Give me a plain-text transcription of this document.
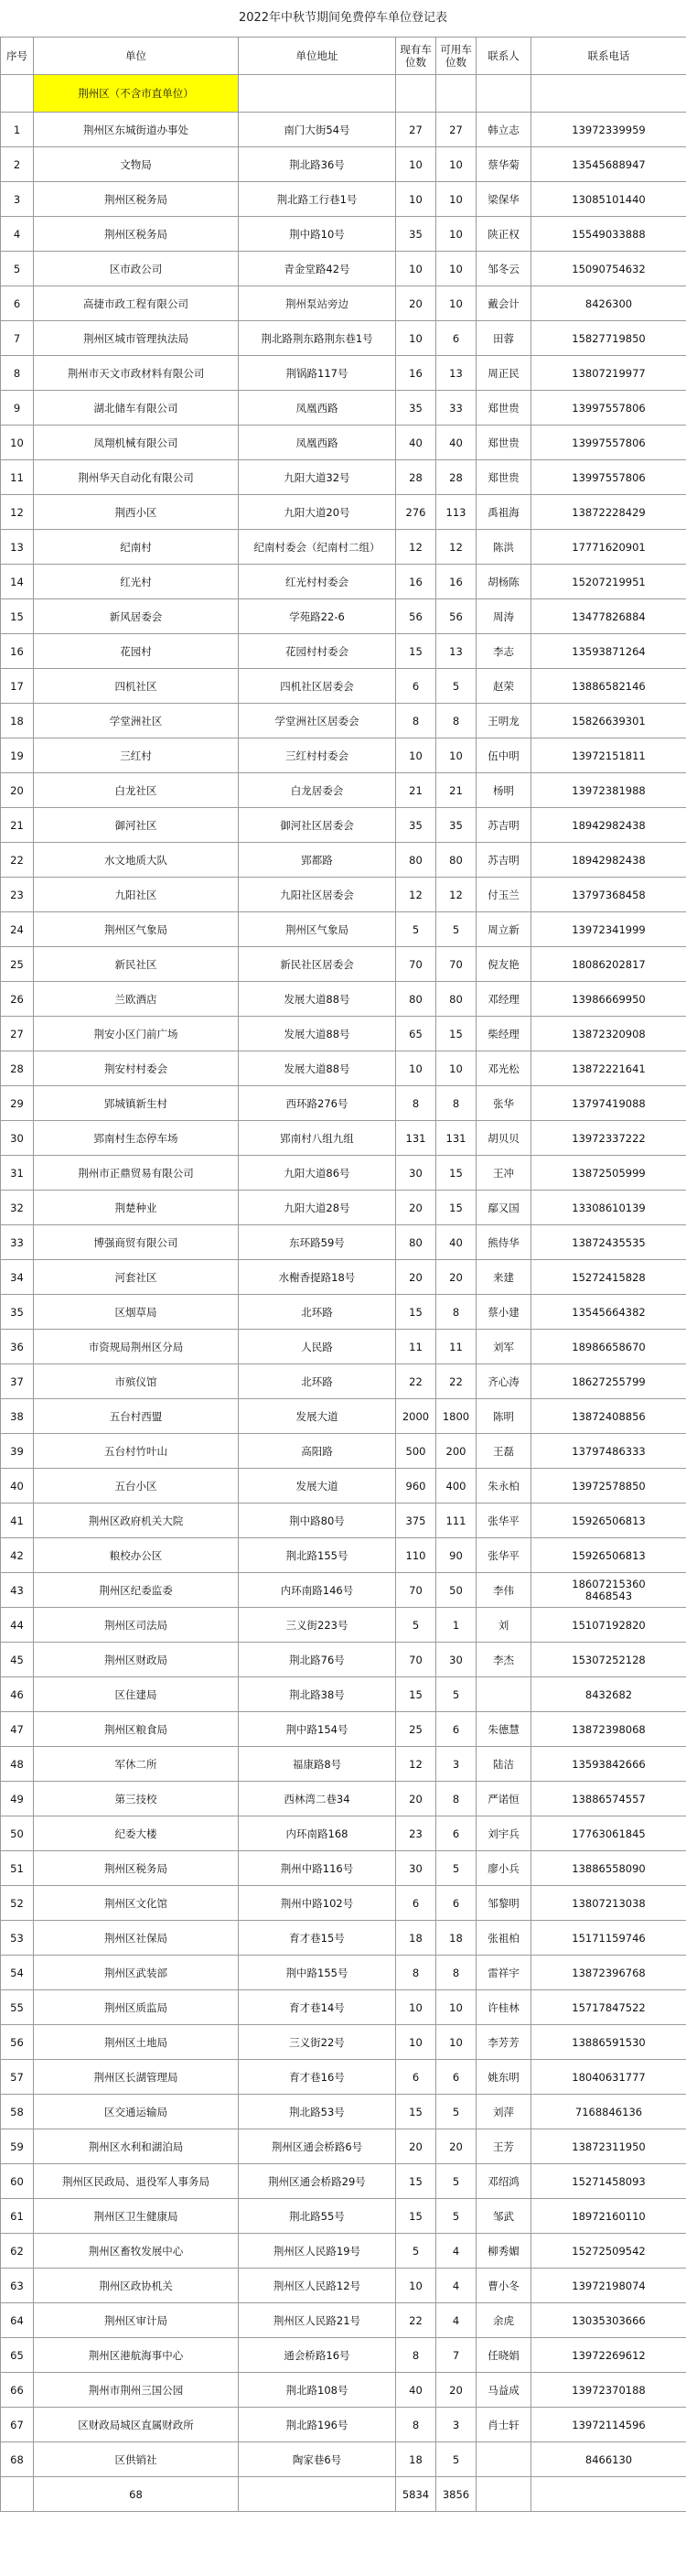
2022年中秋节期间免费停车单位登记表
序号	单位	单位地址	现有车位数	可用车位数	联系人	联系电话
	荆州区（不含市直单位）					
1	荆州区东城街道办事处	南门大街54号	27	27	韩立志	13972339959
2	文物局	荆北路36号	10	10	蔡华菊	13545688947
3	荆州区税务局	荆北路工行巷1号	10	10	梁保华	13085101440
4	荆州区税务局	荆中路10号	35	10	陕正权	15549033888
5	区市政公司	青金堂路42号	10	10	邹冬云	15090754632
6	高捷市政工程有限公司	荆州泵站旁边	20	10	戴会计	8426300
7	荆州区城市管理执法局	荆北路荆东路荆东巷1号	10	6	田蓉	15827719850
8	荆州市天文市政材料有限公司	荆锅路117号	16	13	周正民	13807219977
9	湖北储车有限公司	凤凰西路	35	33	郑世贵	13997557806
10	凤翔机械有限公司	凤凰西路	40	40	郑世贵	13997557806
11	荆州华天自动化有限公司	九阳大道32号	28	28	郑世贵	13997557806
12	荆西小区	九阳大道20号	276	113	禹祖海	13872228429
13	纪南村	纪南村委会（纪南村二组）	12	12	陈洪	17771620901
14	红光村	红光村村委会	16	16	胡杨陈	15207219951
15	新风居委会	学苑路22-6	56	56	周涛	13477826884
16	花园村	花园村村委会	15	13	李志	13593871264
17	四机社区	四机社区居委会	6	5	赵荣	13886582146
18	学堂洲社区	学堂洲社区居委会	8	8	王明龙	15826639301
19	三红村	三红村村委会	10	10	伍中明	13972151811
20	白龙社区	白龙居委会	21	21	杨明	13972381988
21	御河社区	御河社区居委会	35	35	苏吉明	18942982438
22	水文地质大队	郢都路	80	80	苏吉明	18942982438
23	九阳社区	九阳社区居委会	12	12	付玉兰	13797368458
24	荆州区气象局	荆州区气象局	5	5	周立新	13972341999
25	新民社区	新民社区居委会	70	70	倪友艳	18086202817
26	兰欧酒店	发展大道88号	80	80	邓经理	13986669950
27	荆安小区门前广场	发展大道88号	65	15	柴经理	13872320908
28	荆安村村委会	发展大道88号	10	10	邓光松	13872221641
29	郢城镇新生村	西环路276号	8	8	张华	13797419088
30	郢南村生态停车场	郢南村八组九组	131	131	胡贝贝	13972337222
31	荆州市正鼎贸易有限公司	九阳大道86号	30	15	王冲	13872505999
32	荆楚种业	九阳大道28号	20	15	鄢又国	13308610139
33	博强商贸有限公司	东环路59号	80	40	熊侍华	13872435535
34	河套社区	水榭香提路18号	20	20	来建	15272415828
35	区烟草局	北环路	15	8	蔡小建	13545664382
36	市资规局荆州区分局	人民路	11	11	刘军	18986658670
37	市殡仪馆	北环路	22	22	齐心涛	18627255799
38	五台村西盟	发展大道	2000	1800	陈明	13872408856
39	五台村竹叶山	高阳路	500	200	王磊	13797486333
40	五台小区	发展大道	960	400	朱永柏	13972578850
41	荆州区政府机关大院	荆中路80号	375	111	张华平	15926506813
42	粮校办公区	荆北路155号	110	90	张华平	15926506813
43	荆州区纪委监委	内环南路146号	70	50	李伟	18607215360
8468543
44	荆州区司法局	三义街223号	5	1	刘	15107192820
45	荆州区财政局	荆北路76号	70	30	李杰	15307252128
46	区住建局	荆北路38号	15	5		8432682
47	荆州区粮食局	荆中路154号	25	6	朱德慧	13872398068
48	军休二所	福康路8号	12	3	陆洁	13593842666
49	第三技校	西林湾二巷34	20	8	严诺恒	13886574557
50	纪委大楼	内环南路168	23	6	刘宇兵	17763061845
51	荆州区税务局	荆州中路116号	30	5	廖小兵	13886558090
52	荆州区文化馆	荆州中路102号	6	6	邹黎明	13807213038
53	荆州区社保局	育才巷15号	18	18	张祖柏	15171159746
54	荆州区武装部	荆中路155号	8	8	雷祥宇	13872396768
55	荆州区质监局	育才巷14号	10	10	许桂林	15717847522
56	荆州区土地局	三义街22号	10	10	李芳芳	13886591530
57	荆州区长湖管理局	育才巷16号	6	6	姚东明	18040631777
58	区交通运输局	荆北路53号	15	5	刘萍	7168846136
59	荆州区水利和湖泊局	荆州区通会桥路6号	20	20	王芳	13872311950
60	荆州区民政局、退役军人事务局	荆州区通会桥路29号	15	5	邓绍鸿	15271458093
61	荆州区卫生健康局	荆北路55号	15	5	邹武	18972160110
62	荆州区畜牧发展中心	荆州区人民路19号	5	4	柳秀媚	15272509542
63	荆州区政协机关	荆州区人民路12号	10	4	曹小冬	13972198074
64	荆州区审计局	荆州区人民路21号	22	4	余虎	13035303666
65	荆州区港航海事中心	通会桥路16号	8	7	任晓娟	13972269612
66	荆州市荆州三国公园	荆北路108号	40	20	马益成	13972370188
67	区财政局城区直属财政所	荆北路196号	8	3	肖士轩	13972114596
68	区供销社	陶家巷6号	18	5		8466130
	68		5834	3856		
